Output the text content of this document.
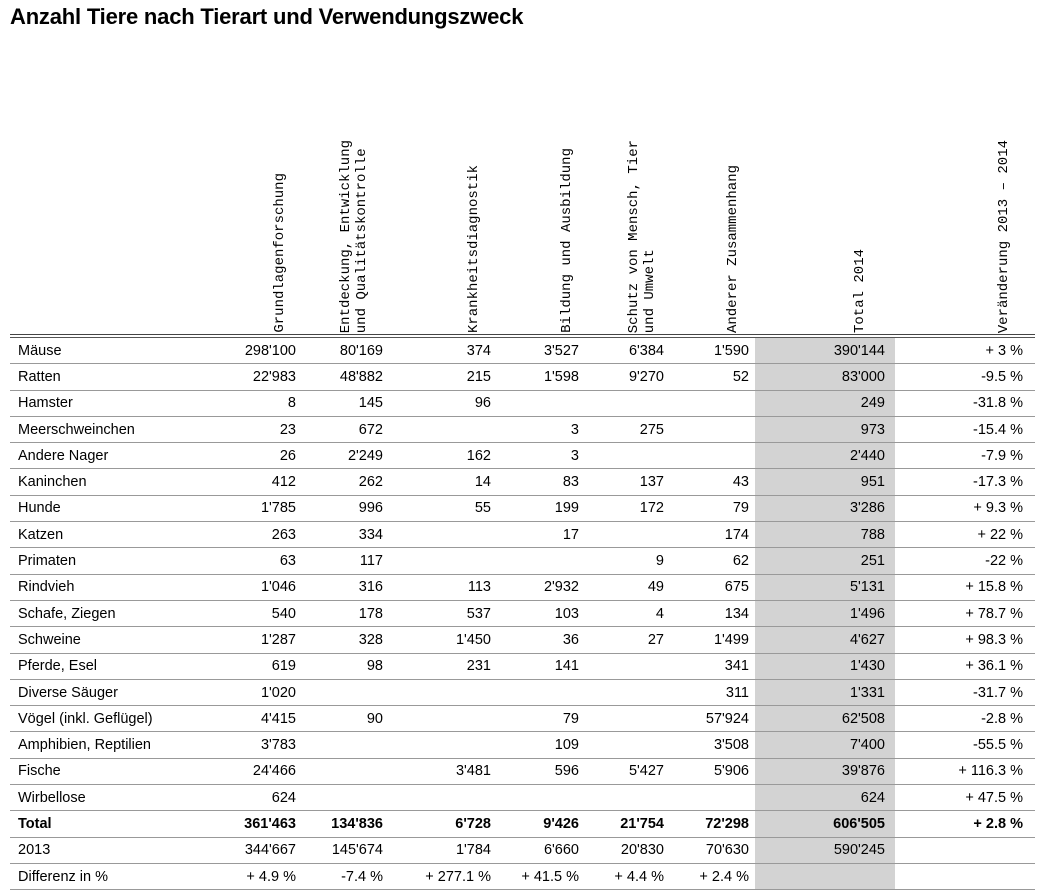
Anzahl Tiere nach Tierart und Verwendungszweck
Grundlagenforschung	Entdeckung, Entwicklung
und Qualitätskontrolle	Krankheitsdiagnostik	Bildung und Ausbildung	Schutz von Mensch, Tier
und Umwelt	Anderer Zusammenhang	Total 2014	Veränderung 2013 – 2014
Mäuse	298'100	80'169	374	3'527	6'384	1'590	390'144	+ 3 %
Ratten	22'983	48'882	215	1'598	9'270	52	83'000	-9.5 %
Hamster	8	145	96				249	-31.8 %
Meerschweinchen	23	672		3	275		973	-15.4 %
Andere Nager	26	2'249	162	3			2'440	-7.9 %
Kaninchen	412	262	14	83	137	43	951	-17.3 %
Hunde	1'785	996	55	199	172	79	3'286	+ 9.3 %
Katzen	263	334		17		174	788	+ 22 %
Primaten	63	117			9	62	251	-22 %
Rindvieh	1'046	316	113	2'932	49	675	5'131	+ 15.8 %
Schafe, Ziegen	540	178	537	103	4	134	1'496	+ 78.7 %
Schweine	1'287	328	1'450	36	27	1'499	4'627	+ 98.3 %
Pferde, Esel	619	98	231	141		341	1'430	+ 36.1 %
Diverse Säuger	1'020					311	1'331	-31.7 %
Vögel (inkl. Geflügel)	4'415	90		79		57'924	62'508	-2.8 %
Amphibien, Reptilien	3'783			109		3'508	7'400	-55.5 %
Fische	24'466		3'481	596	5'427	5'906	39'876	+ 116.3 %
Wirbellose	624						624	+ 47.5 %
Total	361'463	134'836	6'728	9'426	21'754	72'298	606'505	+ 2.8 %
2013	344'667	145'674	1'784	6'660	20'830	70'630	590'245	
Differenz in %	+ 4.9 %	-7.4 %	+ 277.1 %	+ 41.5 %	+ 4.4 %	+ 2.4 %		
